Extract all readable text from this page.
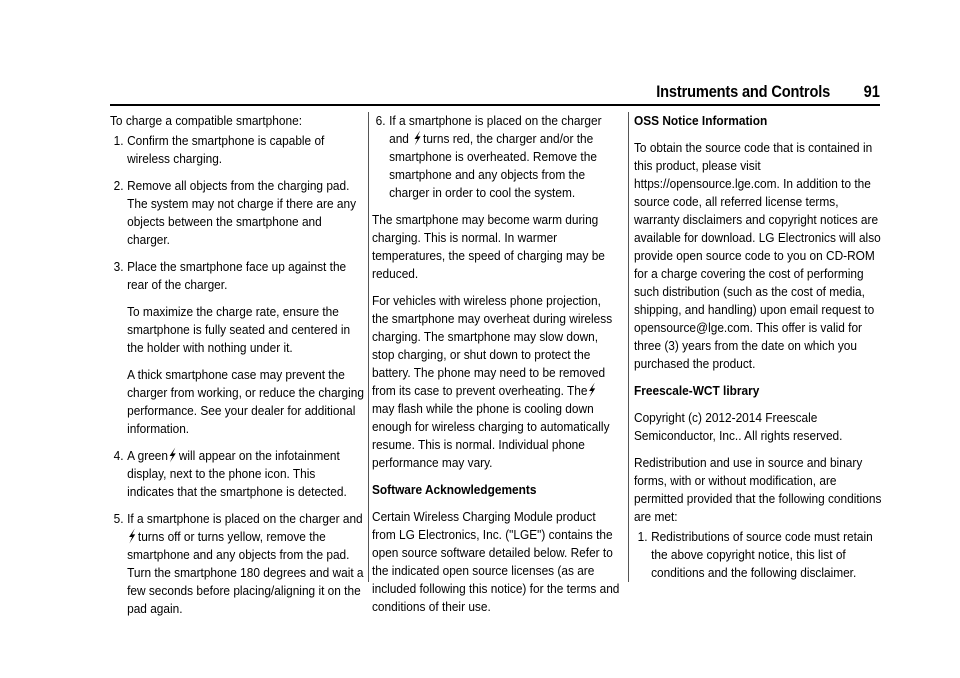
Instruments and Controls 91

To charge a compatible smartphone:

1. Confirm the smartphone is capable of wireless charging.
2. Remove all objects from the charging pad. The system may not charge if there are any objects between the smartphone and charger.
3. Place the smartphone face up against the rear of the charger.

To maximize the charge rate, ensure the smartphone is fully seated and centered in the holder with nothing under it.

A thick smartphone case may prevent the charger from working, or reduce the charging performance. See your dealer for additional information.

4. A green will appear on the infotainment display, next to the phone icon. This indicates that the smartphone is detected.
5. If a smartphone is placed on the charger and
turns off or turns yellow, remove the smartphone and any objects from the pad. Turn the smartphone 180 degrees and wait a few seconds before placing/aligning it on the pad again.
6. If a smartphone is placed on the charger and turns red, the charger and/or the smartphone is overheated. Remove the smartphone and any objects from the charger in order to cool the system.

The smartphone may become warm during charging. This is normal. In warmer temperatures, the speed of charging may be reduced.

For vehicles with wireless phone projection, the smartphone may overheat during wireless charging. The smartphone may slow down, stop charging, or shut down to protect the battery. The phone may need to be removed from its case to prevent overheating. The
may flash while the phone is cooling down enough for wireless charging to automatically resume. This is normal. Individual phone performance may vary.

Software Acknowledgements

Certain Wireless Charging Module product from LG Electronics, Inc. ("LGE") contains the open source software detailed below. Refer to the indicated open source licenses (as are included following this notice) for the terms and conditions of their use.

OSS Notice Information

To obtain the source code that is contained in this product, please visit https://opensource.lge.com. In addition to the source code, all referred license terms, warranty disclaimers and copyright notices are available for download. LG Electronics will also provide open source code to you on CD-ROM for a charge covering the cost of performing such distribution (such as the cost of media, shipping, and handling) upon email request to opensource@lge.com. This offer is valid for three (3) years from the date on which you purchased the product.

Freescale-WCT library

Copyright (c) 2012-2014 Freescale Semiconductor, Inc.. All rights reserved.

Redistribution and use in source and binary forms, with or without modification, are permitted provided that the following conditions are met:

1. Redistributions of source code must retain the above copyright notice, this list of conditions and the following disclaimer.
